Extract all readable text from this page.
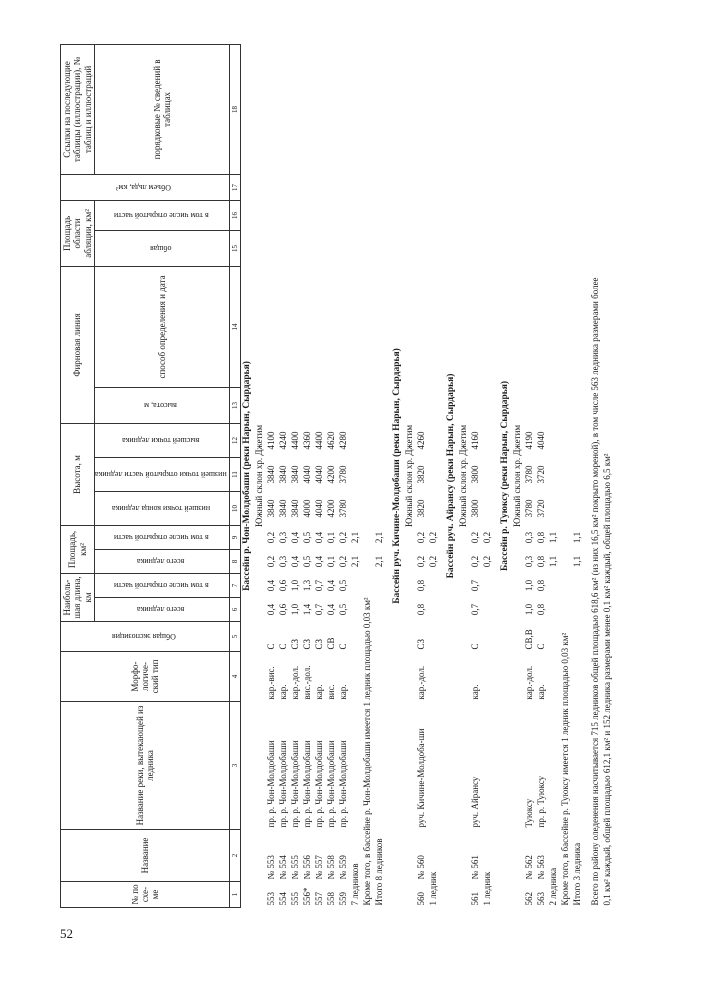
52
№ по схе-ме	Название	Название реки, вытекающей из ледника	Морфо-логиче-ский тип	Общая экспозиция	Наиболь-шая длина, км		Площадь, км²		Высота, м			Фирновая линия		Площадь области абляции, км²		Объем льда, км³	Ссылки на последующие таблицы (иллюстрации), № таблиц и иллюстраций
					всего ледника	в том числе открытой части	всего ледника	в том числе открытой части	низшей точки конца ледника	низшей точки открытой части ледника	высшей точки ледника	высота, м	способ определения и дата	общая	в том числе открытой части		порядковые № сведений в таблицах
1	2	3	4	5	6	7	8	9	10	11	12	13	14	15	16	17	18
Бассейн р. Чон-Молдобаши (реки Нарын, Сырдарья)																	
Южный склон хр. Джетим																	
553	№ 553	пр. р. Чон-Молдобаши	кар.-вис.	С	0,4	0,4	0,2	0,2	3840	3840	4100						
554	№ 554	пр. р. Чон-Молдобаши	кар.	С	0,6	0,6	0,3	0,3	3840	3840	4240						
555	№ 555	пр. р. Чон-Молдобаши	кар.-дол.	СЗ	1,0	1,0	0,4	0,4	3840	3840	4400						
556*	№ 556	пр. р. Чон-Молдобаши	вис.-дол.	СЗ	1,4	1,3	0,5	0,5	4000	4040	4360						
557	№ 557	пр. р. Чон-Молдобаши	кар.	СЗ	0,7	0,7	0,4	0,4	4040	4040	4400						
558	№ 558	пр. р. Чон-Молдобаши	вис.	СВ	0,4	0,4	0,1	0,1	4200	4200	4620						
559	№ 559	пр. р. Чон-Молдобаши	кар.	С	0,5	0,5	0,2	0,2	3780	3780	4280						
7 ледников							2,1	2,1									
Кроме того, в бассейне р. Чон-Молдобаши имеется 1 ледник площадью 0,03 км²																	
Итого 8 ледников							2,1	2,1									

Бассейн руч. Кичине-Молдобаши (реки Нарын, Сырдарья)																	
Южный склон хр. Джетим																	
560	№ 560	руч. Кичине-Молдоба-ши	кар.-дол.	СЗ	0,8	0,8	0,2	0,2	3820	3820	4260						
1 ледник							0,2	0,2									

Бассейн руч. Айрансу (реки Нарын, Сырдарья)																	
Южный склон хр. Джетим																	
561	№ 561	руч. Айрансу	кар.	С	0,7	0,7	0,2	0,2	3800	3800	4160						
1 ледник							0,2	0,2									

Бассейн р. Туюксу (реки Нарын, Сырдарья)																	
Южный склон хр. Джетим																	
562	№ 562	Туюксу	кар.-дол.	СВ,В	1,0	1,0	0,3	0,3	3780	3780	4190						
563	№ 563	пр. р. Туюксу	кар.	С	0,8	0,8	0,8	0,8	3720	3720	4040						
2 ледника							1,1	1,1									
Кроме того, в бассейне р. Туюксу имеется 1 ледник площадью 0,03 км²																	
Итого 3 ледника							1,1	1,1									

Всего по району оледенения насчитывается 715 ледников общей площадью 618,6 км² (из них 16,5 км² покрыто мореной), в том числе 563 ледника размерами более																	
0,1 км² каждый, общей площадью 612,1 км² и 152 ледника размерами менее 0,1 км² каждый, общей площадью 6,5 км²																	
